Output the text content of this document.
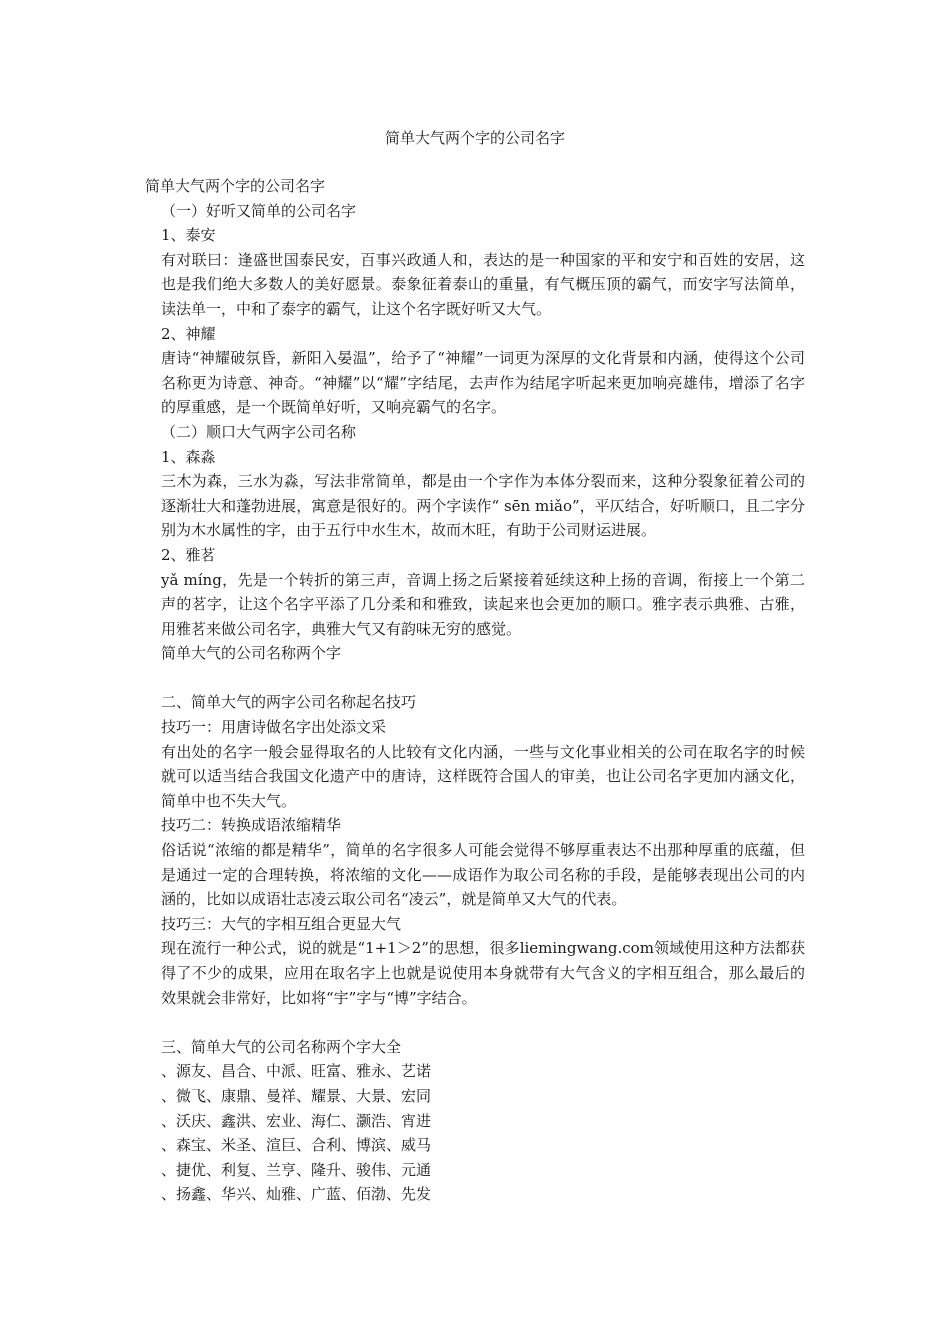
简单大气两个字的公司名字

简单大气两个字的公司名字

（一）好听又简单的公司名字

1、泰安

有对联曰：逢盛世国泰民安，百事兴政通人和，表达的是一种国家的平和安宁和百姓的安居，这也是我们绝大多数人的美好愿景。泰象征着泰山的重量，有气概压顶的霸气，而安字写法简单，读法单一，中和了泰字的霸气，让这个名字既好听又大气。

2、神耀

唐诗“神耀破氛昏，新阳入晏温”，给予了“神耀”一词更为深厚的文化背景和内涵，使得这个公司名称更为诗意、神奇。“神耀”以“耀”字结尾，去声作为结尾字听起来更加响亮雄伟，增添了名字的厚重感，是一个既简单好听，又响亮霸气的名字。

（二）顺口大气两字公司名称

1、森淼

三木为森，三水为淼，写法非常简单，都是由一个字作为本体分裂而来，这种分裂象征着公司的逐渐壮大和蓬勃进展，寓意是很好的。两个字读作“ sēn miǎo”，平仄结合，好听顺口，且二字分别为木水属性的字，由于五行中水生木，故而木旺，有助于公司财运进展。

2、雅茗

yǎ míng，先是一个转折的第三声，音调上扬之后紧接着延续这种上扬的音调，衔接上一个第二声的茗字，让这个名字平添了几分柔和和雅致，读起来也会更加的顺口。雅字表示典雅、古雅，用雅茗来做公司名字，典雅大气又有韵味无穷的感觉。

简单大气的公司名称两个字

二、简单大气的两字公司名称起名技巧

技巧一：用唐诗做名字出处添文采

有出处的名字一般会显得取名的人比较有文化内涵，一些与文化事业相关的公司在取名字的时候就可以适当结合我国文化遗产中的唐诗，这样既符合国人的审美，也让公司名字更加内涵文化，简单中也不失大气。

技巧二：转换成语浓缩精华

俗话说“浓缩的都是精华”，简单的名字很多人可能会觉得不够厚重表达不出那种厚重的底蕴，但是通过一定的合理转换，将浓缩的文化——成语作为取公司名称的手段，是能够表现出公司的内涵的，比如以成语壮志凌云取公司名“凌云”，就是简单又大气的代表。

技巧三：大气的字相互组合更显大气

现在流行一种公式，说的就是“1+1＞2”的思想，很多liemingwang.com领域使用这种方法都获得了不少的成果，应用在取名字上也就是说使用本身就带有大气含义的字相互组合，那么最后的效果就会非常好，比如将“宇”字与“博”字结合。

三、简单大气的公司名称两个字大全

、源友、昌合、中派、旺富、雅永、艺诺

、微飞、康鼎、曼祥、耀景、大景、宏同

、沃庆、鑫洪、宏业、海仁、灏浩、宵进

、森宝、米圣、渲巨、合利、博滨、威马

、捷优、利复、兰亨、隆升、骏伟、元通

、扬鑫、华兴、灿雅、广蓝、佰渤、先发
